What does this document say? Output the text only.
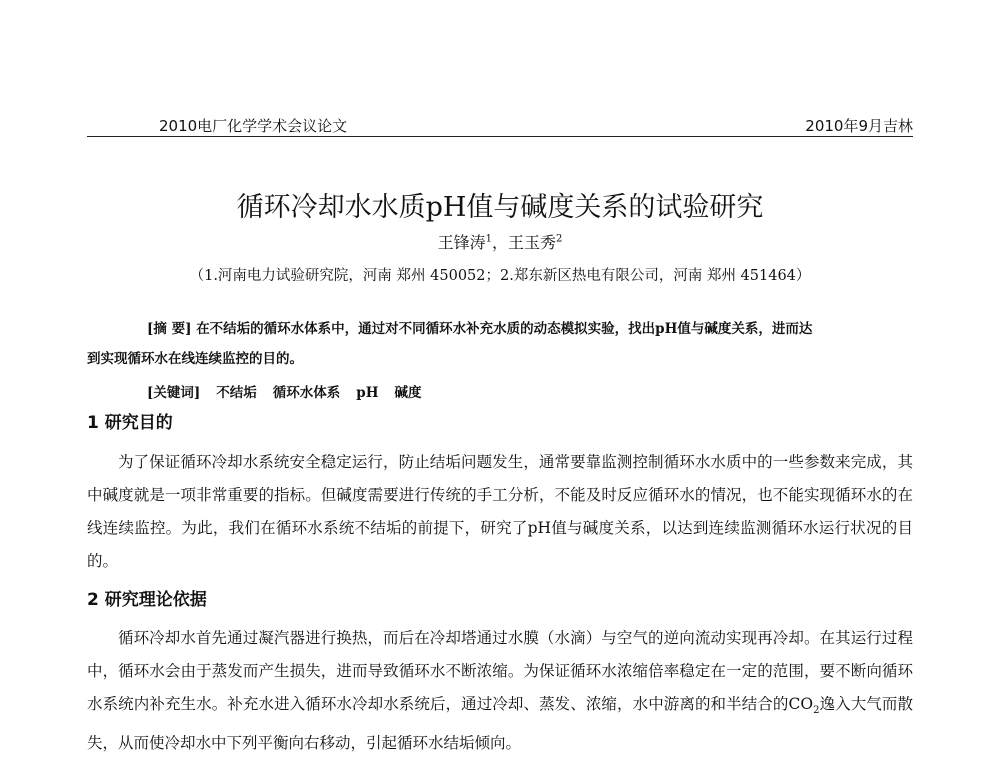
2010电厂化学学术会议论文	2010年9月吉林
循环冷却水水质pH值与碱度关系的试验研究
王锋涛$^1$，王玉秀$^2$
（1.河南电力试验研究院，河南 郑州 450052；2.郑东新区热电有限公司，河南 郑州 451464）
[摘 要] 在不结垢的循环水体系中，通过对不同循环水补充水质的动态模拟实验，找出pH值与碱度关系，进而达
到实现循环水在线连续监控的目的。
[关键词] 不结垢 循环水体系 pH 碱度
1 研究目的
为了保证循环冷却水系统安全稳定运行，防止结垢问题发生，通常要靠监测控制循环水水质中的一些参数来完成，其中碱度就是一项非常重要的指标。但碱度需要进行传统的手工分析，不能及时反应循环水的情况，也不能实现循环水的在线连续监控。为此，我们在循环水系统不结垢的前提下，研究了pH值与碱度关系，以达到连续监测循环水运行状况的目的。
2 研究理论依据
循环冷却水首先通过凝汽器进行换热，而后在冷却塔通过水膜（水滴）与空气的逆向流动实现再冷却。在其运行过程中，循环水会由于蒸发而产生损失，进而导致循环水不断浓缩。为保证循环水浓缩倍率稳定在一定的范围，要不断向循环水系统内补充生水。补充水进入循环水冷却水系统后，通过冷却、蒸发、浓缩，水中游离的和半结合的$CO_2$逸入大气而散失，从而使冷却水中下列平衡向右移动，引起循环水结垢倾向。
